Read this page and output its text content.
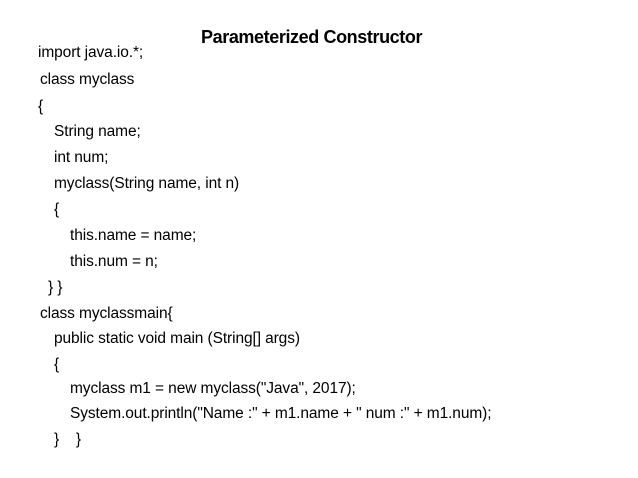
Parameterized Constructor
import java.io.*;
class myclass
{
String name;
int num;
myclass(String name, int n)
{
this.name = name;
this.num = n;
} }
class myclassmain{
public static void main (String[] args)
{
myclass m1 = new myclass("Java", 2017);
System.out.println("Name :" + m1.name + " num :" + m1.num);
}    }
